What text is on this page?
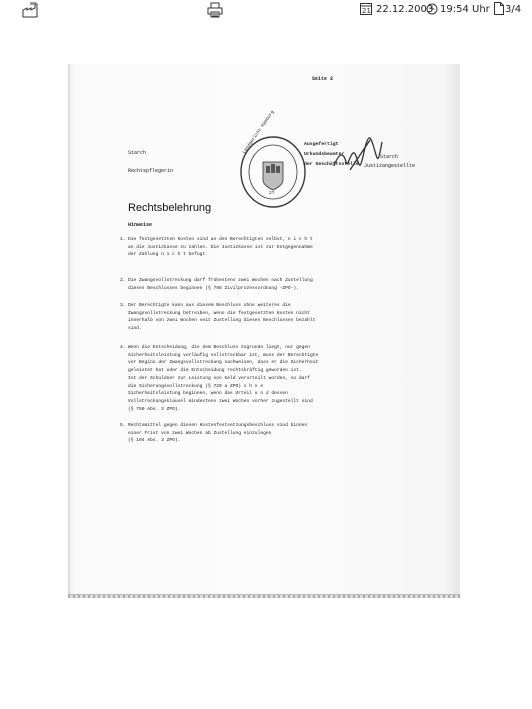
21 22.12.2003 19:54 Uhr 3/4
Seite 2
Starch
Rechtspflegerin
Landgericht Hamburg
27
Ausgefertigt
Urkundsbeamter
der Geschäftsstelle
Starch
Justizangestellte
Rechtsbelehrung
Hinweise
1. Die festgesetzten Kosten sind an den Berechtigten selbst, n i c h t
an die Justizkasse zu zahlen. Die Justizkasse ist zur Entgegennahme
der Zahlung n i c h t befugt.
2. Die Zwangsvollstreckung darf frühestens zwei Wochen nach Zustellung
dieses Beschlusses beginnen (§ 798 Zivilprozessordnung -ZPO-).
3. Der Berechtigte kann aus diesem Beschluss ohne weiteres die
Zwangsvollstreckung betreiben, wenn die festgesetzten Kosten nicht
innerhalb von zwei Wochen seit Zustellung dieses Beschlusses bezahlt
sind.
4. Wenn die Entscheidung, die dem Beschluss zugrunde liegt, nur gegen
Sicherheitsleistung vorläufig vollstreckbar ist, muss der Berechtigte
vor Beginn der Zwangsvollstreckung nachweisen, dass er die Sicherheit
geleistet hat oder die Entscheidung rechtskräftig geworden ist.
Ist der Schuldner zur Leistung von Geld verurteilt worden, so darf
die Sicherungsvollstreckung (§ 720 a ZPO) o h n e
Sicherheitsleistung beginnen, wenn das Urteil u n d dessen
Vollstreckungsklausel mindestens zwei Wochen vorher zugestellt sind
(§ 750 Abs. 3 ZPO).
5. Rechtsmittel gegen diesen Kostenfestsetzungsbeschluss sind binnen
einer Frist von zwei Wochen ab Zustellung einzulegen
(§ 104 Abs. 3 ZPO).
